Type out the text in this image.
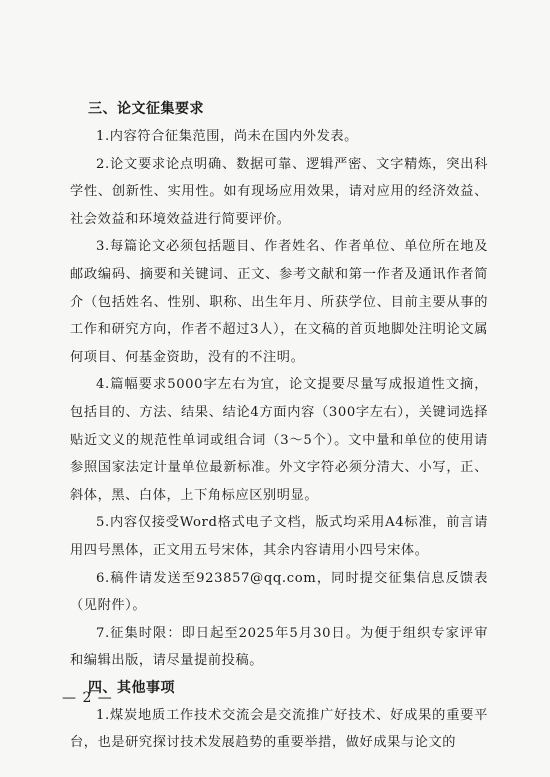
三、论文征集要求

1.内容符合征集范围，尚未在国内外发表。

2.论文要求论点明确、数据可靠、逻辑严密、文字精炼，突出科学性、创新性、实用性。如有现场应用效果，请对应用的经济效益、社会效益和环境效益进行简要评价。

3.每篇论文必须包括题目、作者姓名、作者单位、单位所在地及邮政编码、摘要和关键词、正文、参考文献和第一作者及通讯作者简介（包括姓名、性别、职称、出生年月、所获学位、目前主要从事的工作和研究方向，作者不超过3人），在文稿的首页地脚处注明论文属何项目、何基金资助，没有的不注明。

4.篇幅要求5000字左右为宜，论文提要尽量写成报道性文摘，包括目的、方法、结果、结论4方面内容（300字左右），关键词选择贴近文义的规范性单词或组合词（3～5个）。文中量和单位的使用请参照国家法定计量单位最新标准。外文字符必须分清大、小写，正、斜体，黑、白体，上下角标应区别明显。

5.内容仅接受Word格式电子文档，版式均采用A4标准，前言请用四号黑体，正文用五号宋体，其余内容请用小四号宋体。

6.稿件请发送至923857@qq.com，同时提交征集信息反馈表（见附件）。

7.征集时限：即日起至2025年5月30日。为便于组织专家评审和编辑出版，请尽量提前投稿。

四、其他事项

1.煤炭地质工作技术交流会是交流推广好技术、好成果的重要平台，也是研究探讨技术发展趋势的重要举措，做好成果与论文的

— 2 —
